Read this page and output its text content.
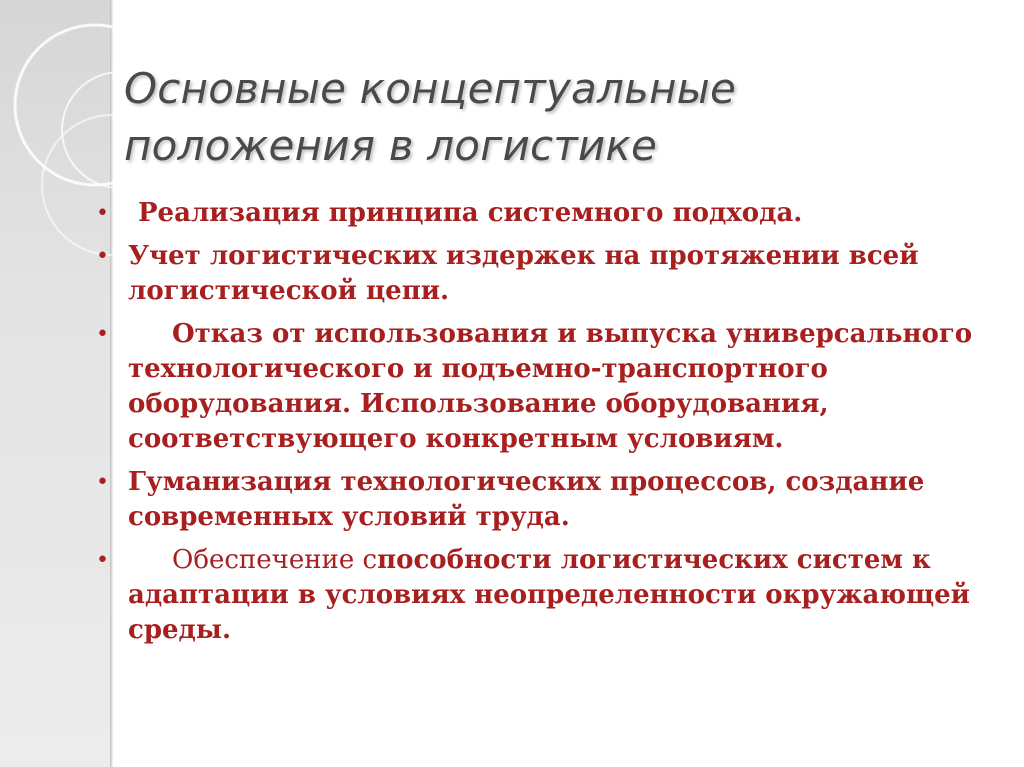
Основные концептуальные
положения в логистике
• Реализация принципа системного подхода.
• Учет логистических издержек на протяжении всей логистической цепи.
• Отказ от использования и выпуска универсального технологического и подъемно-транспортного оборудования. Использование оборудования, соответствующего конкретным условиям.
• Гуманизация технологических процессов, создание современных условий труда.
• Обеспечение способности логистических систем к адаптации в условиях неопределенности окружающей среды.
